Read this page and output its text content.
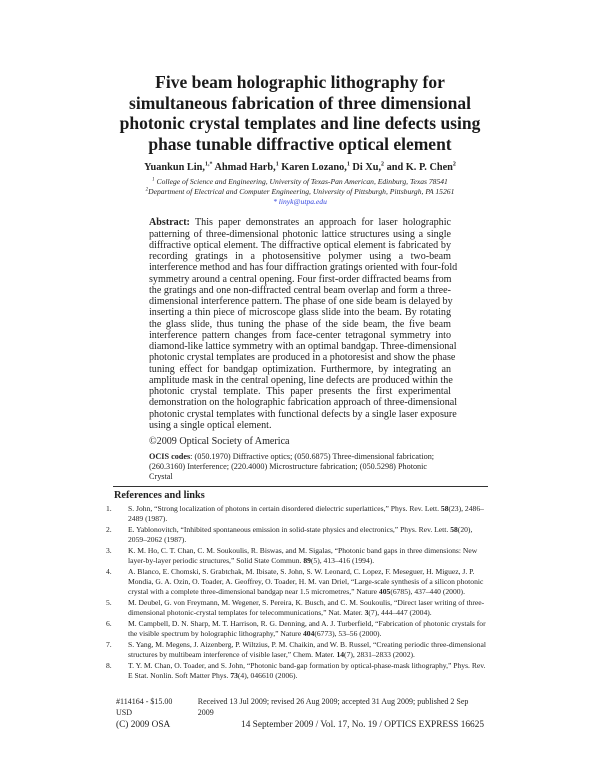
Five beam holographic lithography for
simultaneous fabrication of three dimensional
photonic crystal templates and line defects using
phase tunable diffractive optical element
Yuankun Lin,$^{1,*}$ Ahmad Harb,$^1$ Karen Lozano,$^1$ Di Xu,$^2$ and K. P. Chen$^2$
$^1$ College of Science and Engineering, University of Texas-Pan American, Edinburg, Texas 78541
$^2$Department of Electrical and Computer Engineering, University of Pittsburgh, Pittsburgh, PA 15261
* linyk@utpa.edu
Abstract: This paper demonstrates an approach for laser holographic
patterning of three-dimensional photonic lattice structures using a single
diffractive optical element. The diffractive optical element is fabricated by
recording gratings in a photosensitive polymer using a two-beam
interference method and has four diffraction gratings oriented with four-fold
symmetry around a central opening. Four first-order diffracted beams from
the gratings and one non-diffracted central beam overlap and form a three-
dimensional interference pattern. The phase of one side beam is delayed by
inserting a thin piece of microscope glass slide into the beam. By rotating
the glass slide, thus tuning the phase of the side beam, the five beam
interference pattern changes from face-center tetragonal symmetry into
diamond-like lattice symmetry with an optimal bandgap. Three-dimensional
photonic crystal templates are produced in a photoresist and show the phase
tuning effect for bandgap optimization. Furthermore, by integrating an
amplitude mask in the central opening, line defects are produced within the
photonic crystal template. This paper presents the first experimental
demonstration on the holographic fabrication approach of three-dimensional
photonic crystal templates with functional defects by a single laser exposure
using a single optical element.
©2009 Optical Society of America
OCIS codes: (050.1970) Diffractive optics; (050.6875) Three-dimensional fabrication; (260.3160) Interference; (220.4000) Microstructure fabrication; (050.5298) Photonic Crystal
References and links
1.	S. John, “Strong localization of photons in certain disordered dielectric superlattices,” Phys. Rev. Lett. 58(23), 2486–2489 (1987).
2.	E. Yablonovitch, “Inhibited spontaneous emission in solid-state physics and electronics,” Phys. Rev. Lett. 58(20), 2059–2062 (1987).
3.	K. M. Ho, C. T. Chan, C. M. Soukoulis, R. Biswas, and M. Sigalas, “Photonic band gaps in three dimensions: New layer-by-layer periodic structures,” Solid State Commun. 89(5), 413–416 (1994).
4.	A. Blanco, E. Chomski, S. Grabtchak, M. Ibisate, S. John, S. W. Leonard, C. Lopez, F. Meseguer, H. Miguez, J. P. Mondia, G. A. Ozin, O. Toader, A. Geoffrey, O. Toader, H. M. van Driel, “Large-scale synthesis of a silicon photonic crystal with a complete three-dimensional bandgap near 1.5 micrometres,” Nature 405(6785), 437–440 (2000).
5.	M. Deubel, G. von Freymann, M. Wegener, S. Pereira, K. Busch, and C. M. Soukoulis, “Direct laser writing of three-dimensional photonic-crystal templates for telecommunications,” Nat. Mater. 3(7), 444–447 (2004).
6.	M. Campbell, D. N. Sharp, M. T. Harrison, R. G. Denning, and A. J. Turberfield, “Fabrication of photonic crystals for the visible spectrum by holographic lithography,” Nature 404(6773), 53–56 (2000).
7.	S. Yang, M. Megens, J. Aizenberg, P. Wiltzius, P. M. Chaikin, and W. B. Russel, “Creating periodic three-dimensional structures by multibeam interference of visible laser,” Chem. Mater. 14(7), 2831–2833 (2002).
8.	T. Y. M. Chan, O. Toader, and S. John, “Photonic band-gap formation by optical-phase-mask lithography,” Phys. Rev. E Stat. Nonlin. Soft Matter Phys. 73(4), 046610 (2006).
#114164 - $15.00 USD
Received 13 Jul 2009; revised 26 Aug 2009; accepted 31 Aug 2009; published 2 Sep 2009
(C) 2009 OSA	14 September 2009 / Vol. 17, No. 19 / OPTICS EXPRESS 16625
